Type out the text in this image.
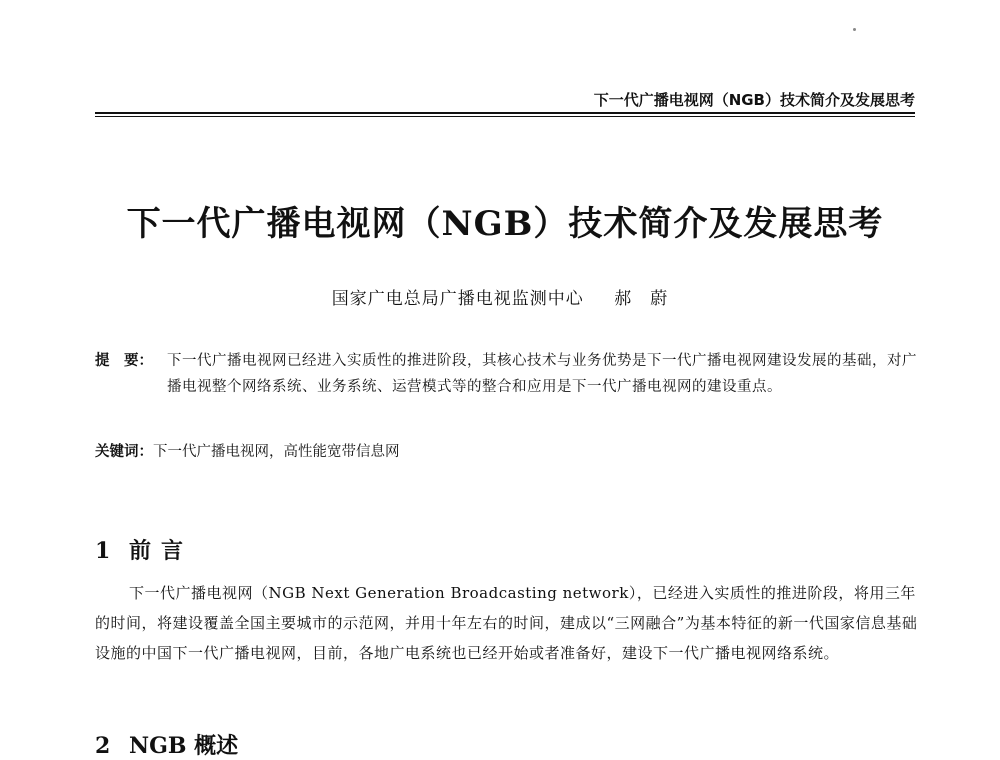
下一代广播电视网（NGB）技术简介及发展思考
下一代广播电视网（NGB）技术简介及发展思考
国家广电总局广播电视监测中心 郝　蔚
提　要： 下一代广播电视网已经进入实质性的推进阶段，其核心技术与业务优势是下一代广播电视网建设发展的基础，对广播电视整个网络系统、业务系统、运营模式等的整合和应用是下一代广播电视网的建设重点。
关键词：下一代广播电视网，高性能宽带信息网
1 前言
下一代广播电视网（NGB Next Generation Broadcasting network），已经进入实质性的推进阶段，将用三年的时间，将建设覆盖全国主要城市的示范网，并用十年左右的时间，建成以“三网融合”为基本特征的新一代国家信息基础设施的中国下一代广播电视网，目前，各地广电系统也已经开始或者准备好，建设下一代广播电视网络系统。
2 NGB 概述
